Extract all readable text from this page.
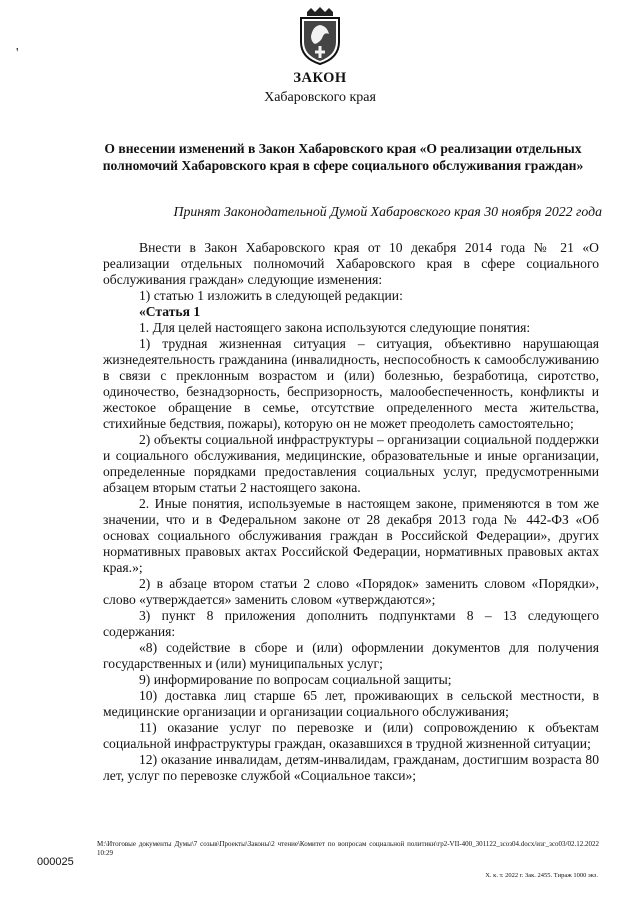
'
ЗАКОН
Хабаровского края
О внесении изменений в Закон Хабаровского края «О реализации отдельных полномочий Хабаровского края в сфере социального обслуживания граждан»
Принят Законодательной Думой Хабаровского края 30 ноября 2022 года

Внести в Закон Хабаровского края от 10 декабря 2014 года № 21 «О реализации отдельных полномочий Хабаровского края в сфере социального обслуживания граждан» следующие изменения:

1) статью 1 изложить в следующей редакции:

«Статья 1

1. Для целей настоящего закона используются следующие понятия:

1) трудная жизненная ситуация – ситуация, объективно нарушающая жизнедеятельность гражданина (инвалидность, неспособность к самообслуживанию в связи с преклонным возрастом и (или) болезнью, безработица, сиротство, одиночество, безнадзорность, беспризорность, малообеспеченность, конфликты и жестокое обращение в семье, отсутствие определенного места жительства, стихийные бедствия, пожары), которую он не может преодолеть самостоятельно;

2) объекты социальной инфраструктуры – организации социальной поддержки и социального обслуживания, медицинские, образовательные и иные организации, определенные порядками предоставления социальных услуг, предусмотренными абзацем вторым статьи 2 настоящего закона.

2. Иные понятия, используемые в настоящем законе, применяются в том же значении, что и в Федеральном законе от 28 декабря 2013 года № 442-ФЗ «Об основах социального обслуживания граждан в Российской Федерации», других нормативных правовых актах Российской Федерации, нормативных правовых актах края.»;

2) в абзаце втором статьи 2 слово «Порядок» заменить словом «Порядки», слово «утверждается» заменить словом «утверждаются»;

3) пункт 8 приложения дополнить подпунктами 8 – 13 следующего содержания:

«8) содействие в сборе и (или) оформлении документов для получения государственных и (или) муниципальных услуг;

9) информирование по вопросам социальной защиты;

10) доставка лиц старше 65 лет, проживающих в сельской местности, в медицинские организации и организации социального обслуживания;

11) оказание услуг по перевозке и (или) сопровождению к объектам социальной инфраструктуры граждан, оказавшихся в трудной жизненной ситуации;

12) оказание инвалидам, детям-инвалидам, гражданам, достигшим возраста 80 лет, услуг по перевозке службой «Социальное такси»;

M:\Итоговые документы Думы\7 созыв\Проекты\Законы\2 чтение\Комитет по вопросам социальной политики\гр2-VII-400_301122_зсоз04.docx/изг_зсо03/02.12.2022 10:29
000025
Х. к. т. 2022 г. Зак. 2455. Тираж 1000 экз.
